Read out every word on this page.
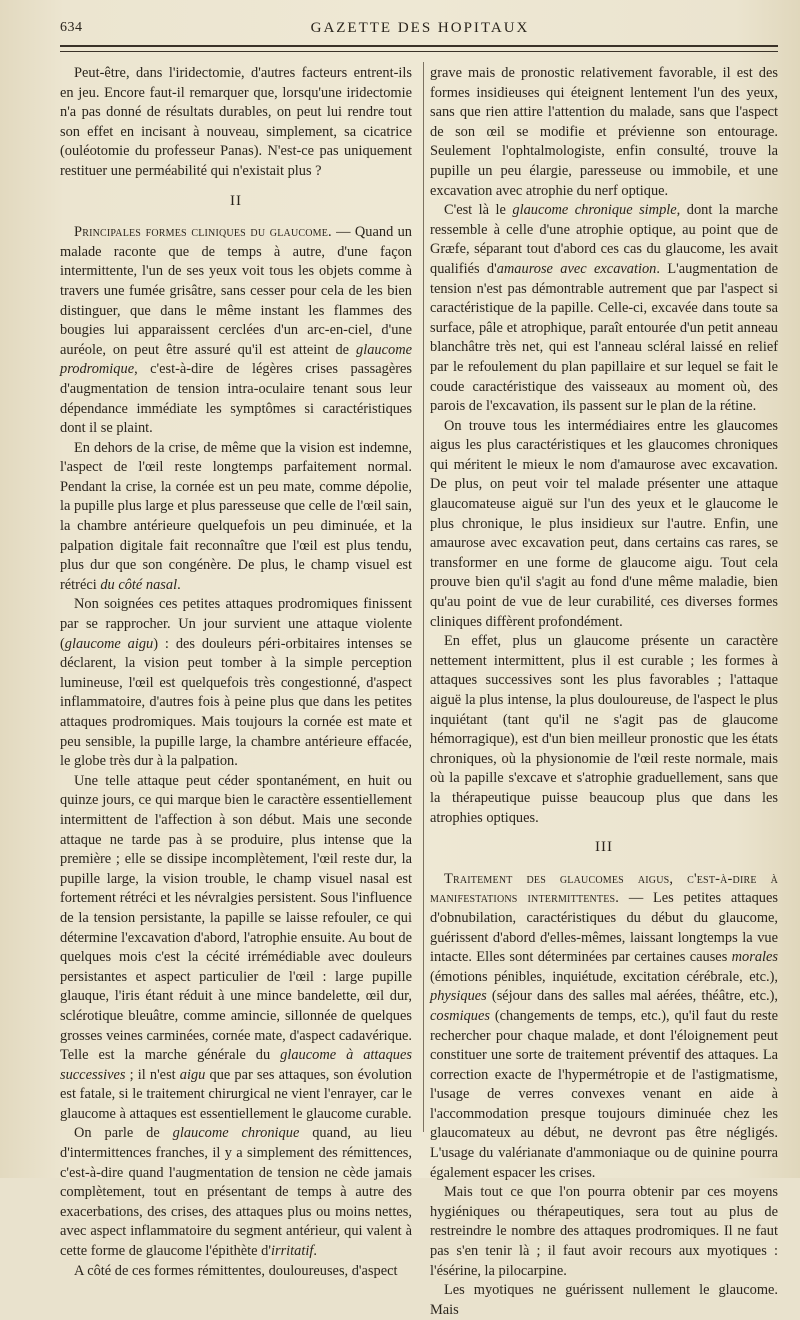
634	GAZETTE DES HOPITAUX

Peut-être, dans l'iridectomie, d'autres facteurs entrent-ils en jeu. Encore faut-il remarquer que, lorsqu'une iridectomie n'a pas donné de résultats durables, on peut lui rendre tout son effet en incisant à nouveau, simplement, sa cicatrice (ouléotomie du professeur Panas). N'est-ce pas uniquement restituer une perméabilité qui n'existait plus ?

II

Principales formes cliniques du glaucome. — Quand un malade raconte que de temps à autre, d'une façon intermittente, l'un de ses yeux voit tous les objets comme à travers une fumée grisâtre, sans cesser pour cela de les bien distinguer, que dans le même instant les flammes des bougies lui apparaissent cerclées d'un arc-en-ciel, d'une auréole, on peut être assuré qu'il est atteint de glaucome prodromique, c'est-à-dire de légères crises passagères d'augmentation de tension intra-oculaire tenant sous leur dépendance immédiate les symptômes si caractéristiques dont il se plaint.

En dehors de la crise, de même que la vision est indemne, l'aspect de l'œil reste longtemps parfaitement normal. Pendant la crise, la cornée est un peu mate, comme dépolie, la pupille plus large et plus paresseuse que celle de l'œil sain, la chambre antérieure quelquefois un peu diminuée, et la palpation digitale fait reconnaître que l'œil est plus tendu, plus dur que son congénère. De plus, le champ visuel est rétréci du côté nasal.

Non soignées ces petites attaques prodromiques finissent par se rapprocher. Un jour survient une attaque violente (glaucome aigu) : des douleurs péri-orbitaires intenses se déclarent, la vision peut tomber à la simple perception lumineuse, l'œil est quelquefois très congestionné, d'aspect inflammatoire, d'autres fois à peine plus que dans les petites attaques prodromiques. Mais toujours la cornée est mate et peu sensible, la pupille large, la chambre antérieure effacée, le globe très dur à la palpation.

Une telle attaque peut céder spontanément, en huit ou quinze jours, ce qui marque bien le caractère essentiellement intermittent de l'affection à son début. Mais une seconde attaque ne tarde pas à se produire, plus intense que la première ; elle se dissipe incomplètement, l'œil reste dur, la pupille large, la vision trouble, le champ visuel nasal est fortement rétréci et les névralgies persistent. Sous l'influence de la tension persistante, la papille se laisse refouler, ce qui détermine l'excavation d'abord, l'atrophie ensuite. Au bout de quelques mois c'est la cécité irrémédiable avec douleurs persistantes et aspect particulier de l'œil : large pupille glauque, l'iris étant réduit à une mince bandelette, œil dur, sclérotique bleuâtre, comme amincie, sillonnée de quelques grosses veines carminées, cornée mate, d'aspect cadavérique. Telle est la marche générale du glaucome à attaques successives ; il n'est aigu que par ses attaques, son évolution est fatale, si le traitement chirurgical ne vient l'enrayer, car le glaucome à attaques est essentiellement le glaucome curable.

On parle de glaucome chronique quand, au lieu d'intermittences franches, il y a simplement des rémittences, c'est-à-dire quand l'augmentation de tension ne cède jamais complètement, tout en présentant de temps à autre des exacerbations, des crises, des attaques plus ou moins nettes, avec aspect inflammatoire du segment antérieur, qui valent à cette forme de glaucome l'épithète d'irritatif.

A côté de ces formes rémittentes, douloureuses, d'aspect

grave mais de pronostic relativement favorable, il est des formes insidieuses qui éteignent lentement l'un des yeux, sans que rien attire l'attention du malade, sans que l'aspect de son œil se modifie et prévienne son entourage. Seulement l'ophtalmologiste, enfin consulté, trouve la pupille un peu élargie, paresseuse ou immobile, et une excavation avec atrophie du nerf optique.

C'est là le glaucome chronique simple, dont la marche ressemble à celle d'une atrophie optique, au point que de Græfe, séparant tout d'abord ces cas du glaucome, les avait qualifiés d'amaurose avec excavation. L'augmentation de tension n'est pas démontrable autrement que par l'aspect si caractéristique de la papille. Celle-ci, excavée dans toute sa surface, pâle et atrophique, paraît entourée d'un petit anneau blanchâtre très net, qui est l'anneau scléral laissé en relief par le refoulement du plan papillaire et sur lequel se fait le coude caractéristique des vaisseaux au moment où, des parois de l'excavation, ils passent sur le plan de la rétine.

On trouve tous les intermédiaires entre les glaucomes aigus les plus caractéristiques et les glaucomes chroniques qui méritent le mieux le nom d'amaurose avec excavation. De plus, on peut voir tel malade présenter une attaque glaucomateuse aiguë sur l'un des yeux et le glaucome le plus chronique, le plus insidieux sur l'autre. Enfin, une amaurose avec excavation peut, dans certains cas rares, se transformer en une forme de glaucome aigu. Tout cela prouve bien qu'il s'agit au fond d'une même maladie, bien qu'au point de vue de leur curabilité, ces diverses formes cliniques diffèrent profondément.

En effet, plus un glaucome présente un caractère nettement intermittent, plus il est curable ; les formes à attaques successives sont les plus favorables ; l'attaque aiguë la plus intense, la plus douloureuse, de l'aspect le plus inquiétant (tant qu'il ne s'agit pas de glaucome hémorragique), est d'un bien meilleur pronostic que les états chroniques, où la physionomie de l'œil reste normale, mais où la papille s'excave et s'atrophie graduellement, sans que la thérapeutique puisse beaucoup plus que dans les atrophies optiques.

III

Traitement des glaucomes aigus, c'est-à-dire à manifestations intermittentes. — Les petites attaques d'obnubilation, caractéristiques du début du glaucome, guérissent d'abord d'elles-mêmes, laissant longtemps la vue intacte. Elles sont déterminées par certaines causes morales (émotions pénibles, inquiétude, excitation cérébrale, etc.), physiques (séjour dans des salles mal aérées, théâtre, etc.), cosmiques (changements de temps, etc.), qu'il faut du reste rechercher pour chaque malade, et dont l'éloignement peut constituer une sorte de traitement préventif des attaques. La correction exacte de l'hypermétropie et de l'astigmatisme, l'usage de verres convexes venant en aide à l'accommodation presque toujours diminuée chez les glaucomateux au début, ne devront pas être négligés. L'usage du valérianate d'ammoniaque ou de quinine pourra également espacer les crises.

Mais tout ce que l'on pourra obtenir par ces moyens hygiéniques ou thérapeutiques, sera tout au plus de restreindre le nombre des attaques prodromiques. Il ne faut pas s'en tenir là ; il faut avoir recours aux myotiques : l'ésérine, la pilocarpine.

Les myotiques ne guérissent nullement le glaucome. Mais
